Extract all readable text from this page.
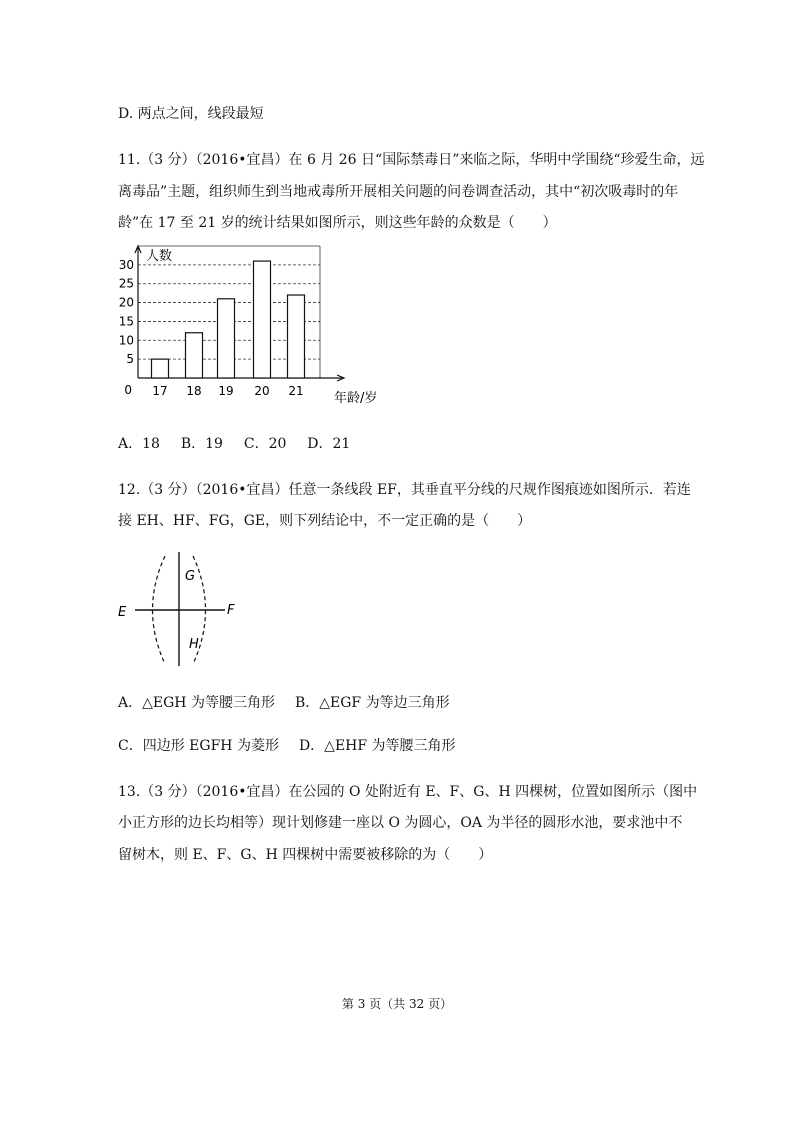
D. 两点之间，线段最短
11.（3 分）（2016•宜昌）在 6 月 26 日“国际禁毒日”来临之际，华明中学围绕“珍爱生命，远
离毒品”主题，组织师生到当地戒毒所开展相关问题的问卷调查活动，其中“初次吸毒时的年
龄”在 17 至 21 岁的统计结果如图所示，则这些年龄的众数是（　　）
5
10
15
20
25
30
0 17 18 19 20 21
人数
年龄/岁
A．18 B．19 C．20 D．21
12.（3 分）（2016•宜昌）任意一条线段 EF，其垂直平分线的尺规作图痕迹如图所示．若连
接 EH、HF、FG，GE，则下列结论中，不一定正确的是（　　）
E	F
G
H
A．△EGH 为等腰三角形 B．△EGF 为等边三角形
C．四边形 EGFH 为菱形 D．△EHF 为等腰三角形
13.（3 分）（2016•宜昌）在公园的 O 处附近有 E、F、G、H 四棵树，位置如图所示（图中
小正方形的边长均相等）现计划修建一座以 O 为圆心，OA 为半径的圆形水池，要求池中不
留树木，则 E、F、G、H 四棵树中需要被移除的为（　　）
第 3 页（共 32 页）
